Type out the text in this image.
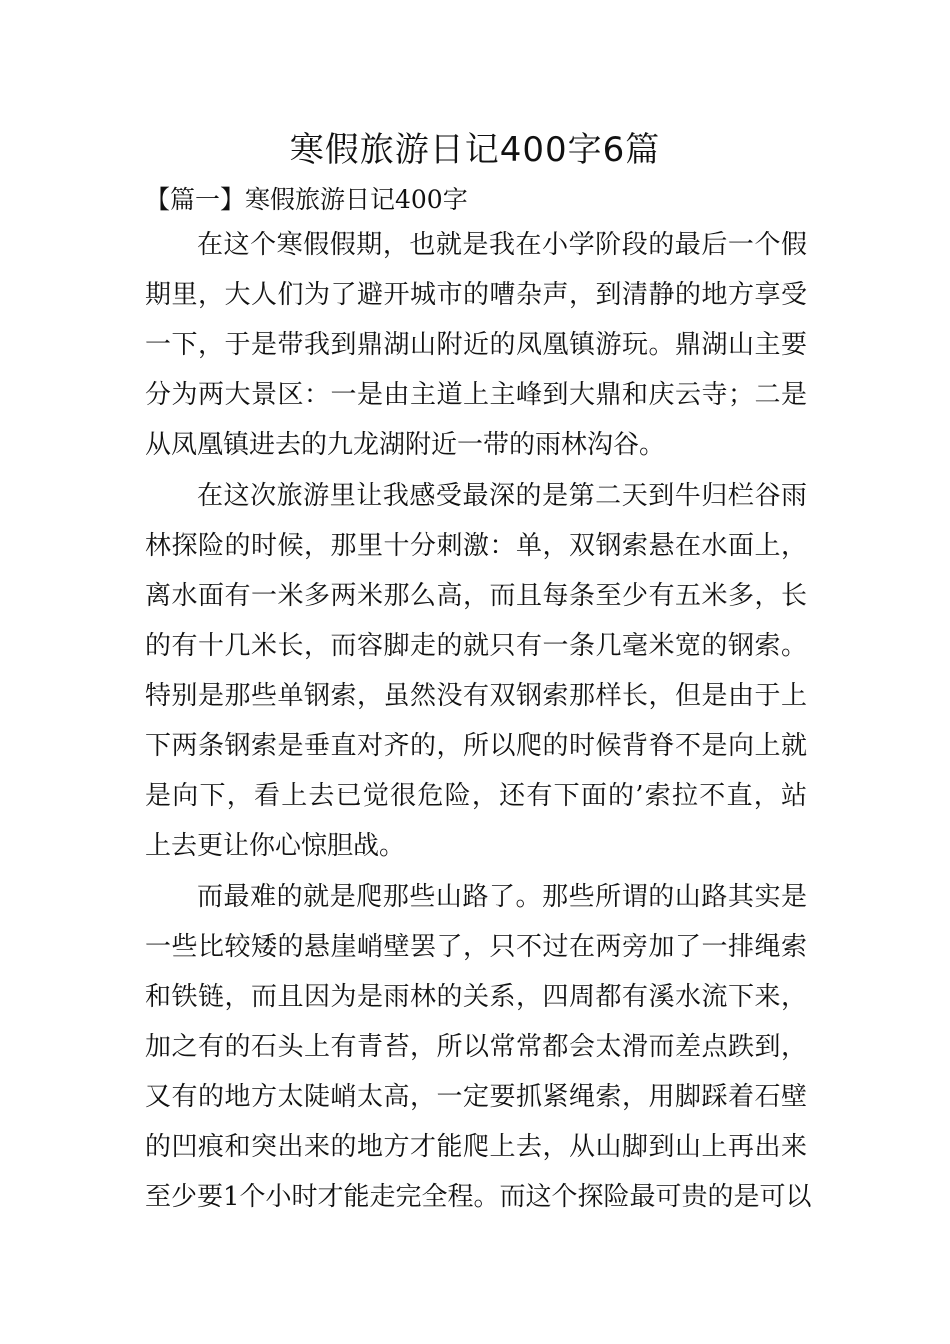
寒假旅游日记400字6篇
【篇一】寒假旅游日记400字
在这个寒假假期，也就是我在小学阶段的最后一个假
期里，大人们为了避开城市的嘈杂声，到清静的地方享受
一下，于是带我到鼎湖山附近的凤凰镇游玩。鼎湖山主要
分为两大景区：一是由主道上主峰到大鼎和庆云寺；二是
从凤凰镇进去的九龙湖附近一带的雨林沟谷。
在这次旅游里让我感受最深的是第二天到牛归栏谷雨
林探险的时候，那里十分刺激：单，双钢索悬在水面上，
离水面有一米多两米那么高，而且每条至少有五米多，长
的有十几米长，而容脚走的就只有一条几毫米宽的钢索。
特别是那些单钢索，虽然没有双钢索那样长，但是由于上
下两条钢索是垂直对齐的，所以爬的时候背脊不是向上就
是向下，看上去已觉很危险，还有下面的’索拉不直，站
上去更让你心惊胆战。
而最难的就是爬那些山路了。那些所谓的山路其实是
一些比较矮的悬崖峭壁罢了，只不过在两旁加了一排绳索
和铁链，而且因为是雨林的关系，四周都有溪水流下来，
加之有的石头上有青苔，所以常常都会太滑而差点跌到，
又有的地方太陡峭太高，一定要抓紧绳索，用脚踩着石壁
的凹痕和突出来的地方才能爬上去，从山脚到山上再出来
至少要1个小时才能走完全程。而这个探险最可贵的是可以
